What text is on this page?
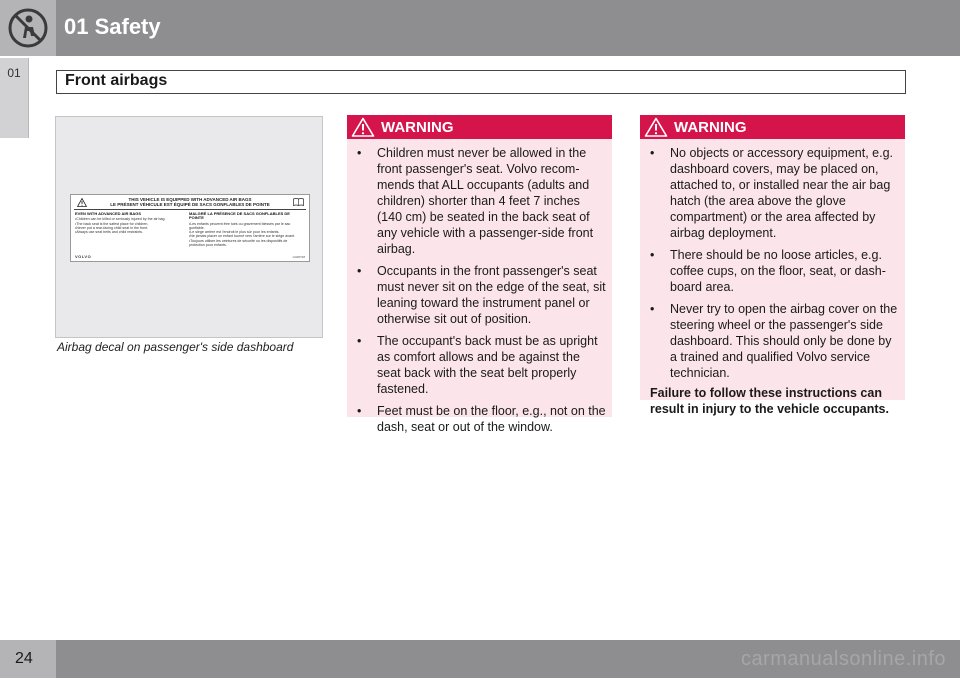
01 Safety
01	Front airbags
THIS VEHICLE IS EQUIPPED WITH ADVANCED AIR BAGS
LE PRÉSENT VÉHICULE EST ÉQUIPÉ DE SACS GONFLABLES DE POINTE
EVEN WITH ADVANCED AIR BAGS
•Children can be killed or seriously injured by the air bag.
•The back seat is the safest place for children.
•Never put a rear-facing child seat in the front.
•Always use seat belts and child restraints.
MALGRÉ LA PRÉSENCE DE SACS GONFLABLES DE POINTE
•Les enfants peuvent être tués ou gravement blessés par le sac gonflable.
•Le siège arrière est l'endroit le plus sûr pour les enfants.
•Ne jamais placer un enfant tourné vers l'arrière sur le siège avant.
•Toujours utiliser les ceintures de sécurité ou les dispositifs de protection pour enfants.
VOLVO	G028728
Airbag decal on passenger's side dashboard
WARNING
• Children must never be allowed in the front passenger's seat. Volvo recom-mends that ALL occupants (adults and children) shorter than 4 feet 7 inches (140 cm) be seated in the back seat of any vehicle with a passenger-side front airbag.
• Occupants in the front passenger's seat must never sit on the edge of the seat, sit leaning toward the instrument panel or otherwise sit out of position.
• The occupant's back must be as upright as comfort allows and be against the seat back with the seat belt properly fastened.
• Feet must be on the floor, e.g., not on the dash, seat or out of the window.
WARNING
• No objects or accessory equipment, e.g. dashboard covers, may be placed on, attached to, or installed near the air bag hatch (the area above the glove compartment) or the area affected by airbag deployment.
• There should be no loose articles, e.g. coffee cups, on the floor, seat, or dash-board area.
• Never try to open the airbag cover on the steering wheel or the passenger's side dashboard. This should only be done by a trained and qualified Volvo service technician.
Failure to follow these instructions can result in injury to the vehicle occupants.
24	carmanualsonline.info
